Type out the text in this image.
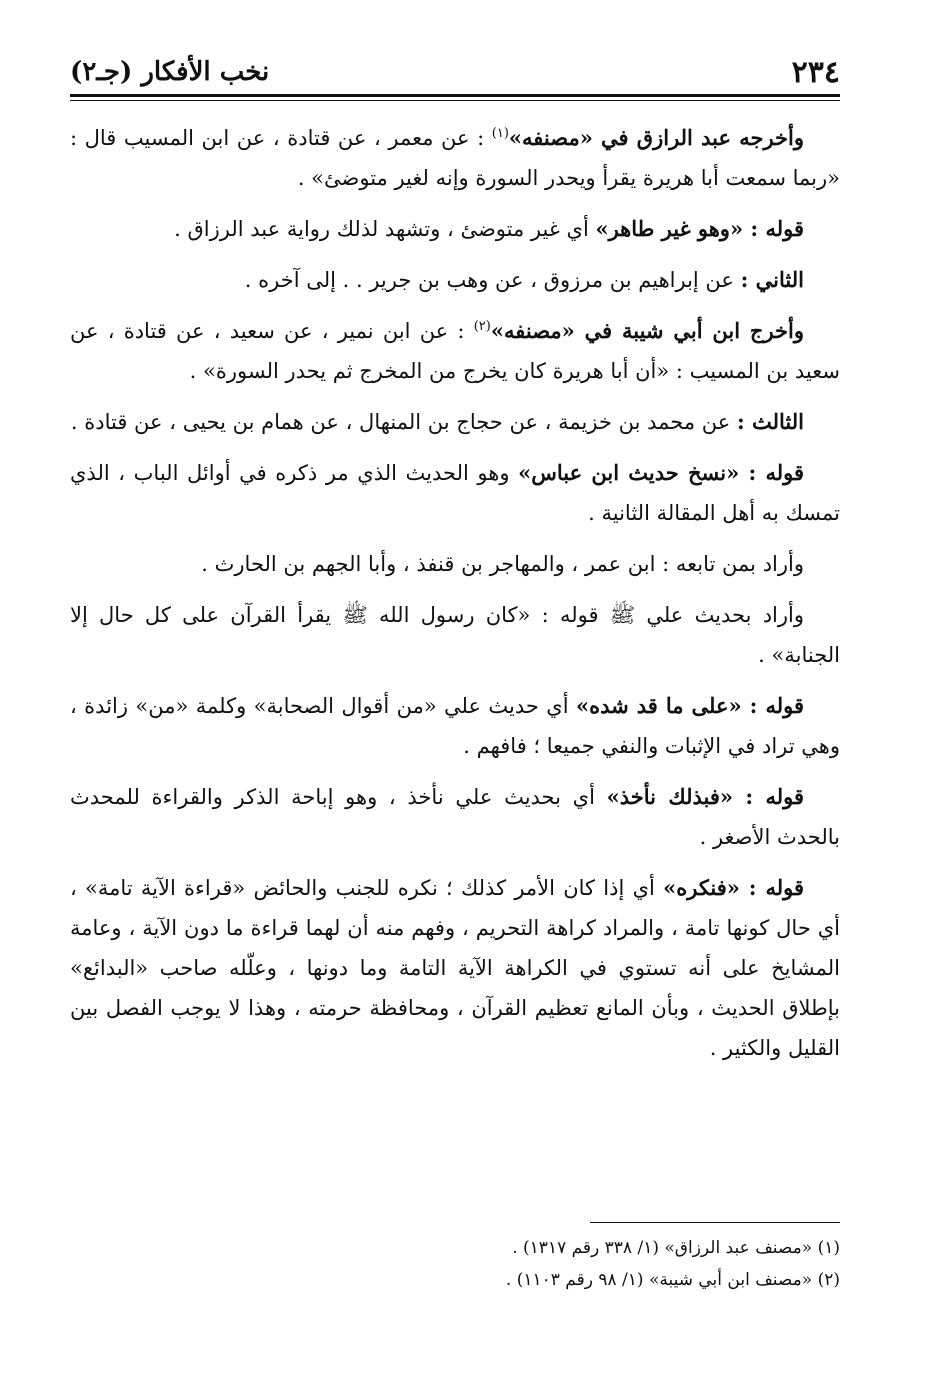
٢٣٤
نخب الأفكار (جـ٢)

وأخرجه عبد الرازق في «مصنفه»$^{(١)}$ : عن معمر ، عن قتادة ، عن ابن المسيب قال : «ربما سمعت أبا هريرة يقرأ ويحدر السورة وإنه لغير متوضئ» .

قوله : «وهو غير طاهر» أي غير متوضئ ، وتشهد لذلك رواية عبد الرزاق .

الثاني : عن إبراهيم بن مرزوق ، عن وهب بن جرير . . إلى آخره .

وأخرج ابن أبي شيبة في «مصنفه»$^{(٢)}$ : عن ابن نمير ، عن سعيد ، عن قتادة ، عن سعيد بن المسيب : «أن أبا هريرة كان يخرج من المخرج ثم يحدر السورة» .

الثالث : عن محمد بن خزيمة ، عن حجاج بن المنهال ، عن همام بن يحيى ، عن قتادة .

قوله : «نسخ حديث ابن عباس» وهو الحديث الذي مر ذكره في أوائل الباب ، الذي تمسك به أهل المقالة الثانية .

وأراد بمن تابعه : ابن عمر ، والمهاجر بن قنفذ ، وأبا الجهم بن الحارث .

وأراد بحديث علي ﷺ قوله : «كان رسول الله ﷺ يقرأ القرآن على كل حال إلا الجنابة» .

قوله : «على ما قد شده» أي حديث علي «من أقوال الصحابة» وكلمة «من» زائدة ، وهي تراد في الإثبات والنفي جميعا ؛ فافهم .

قوله : «فبذلك نأخذ» أي بحديث علي نأخذ ، وهو إباحة الذكر والقراءة للمحدث بالحدث الأصغر .

قوله : «فنكره» أي إذا كان الأمر كذلك ؛ نكره للجنب والحائض «قراءة الآية تامة» ، أي حال كونها تامة ، والمراد كراهة التحريم ، وفهم منه أن لهما قراءة ما دون الآية ، وعامة المشايخ على أنه تستوي في الكراهة الآية التامة وما دونها ، وعلّله صاحب «البدائع» بإطلاق الحديث ، وبأن المانع تعظيم القرآن ، ومحافظة حرمته ، وهذا لا يوجب الفصل بين القليل والكثير .

(١) «مصنف عبد الرزاق» (١/ ٣٣٨ رقم ١٣١٧) .

(٢) «مصنف ابن أبي شيبة» (١/ ٩٨ رقم ١١٠٣) .
